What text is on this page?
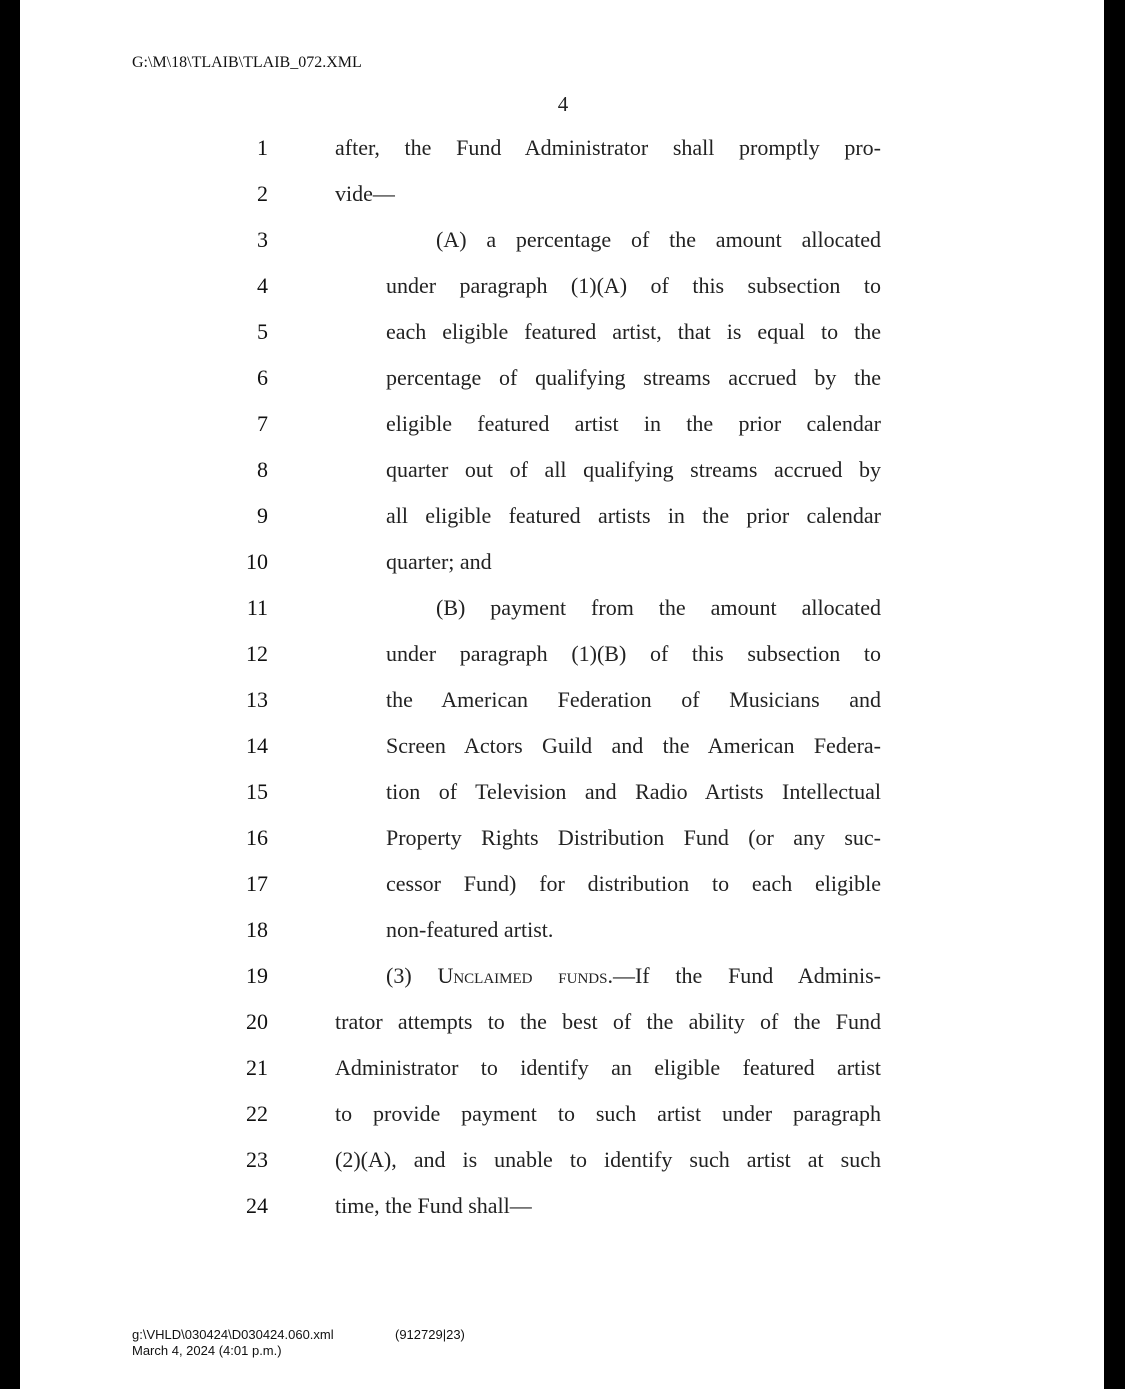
G:\M\18\TLAIB\TLAIB_072.XML
4
1	after, the Fund Administrator shall promptly pro-
2	vide—
3	(A) a percentage of the amount allocated
4	under paragraph (1)(A) of this subsection to
5	each eligible featured artist, that is equal to the
6	percentage of qualifying streams accrued by the
7	eligible featured artist in the prior calendar
8	quarter out of all qualifying streams accrued by
9	all eligible featured artists in the prior calendar
10	quarter; and
11	(B) payment from the amount allocated
12	under paragraph (1)(B) of this subsection to
13	the American Federation of Musicians and
14	Screen Actors Guild and the American Federa-
15	tion of Television and Radio Artists Intellectual
16	Property Rights Distribution Fund (or any suc-
17	cessor Fund) for distribution to each eligible
18	non-featured artist.
19	(3) Unclaimed funds.—If the Fund Adminis-
20	trator attempts to the best of the ability of the Fund
21	Administrator to identify an eligible featured artist
22	to provide payment to such artist under paragraph
23	(2)(A), and is unable to identify such artist at such
24	time, the Fund shall—
g:\VHLD\030424\D030424.060.xml
March 4, 2024 (4:01 p.m.)
(912729|23)
